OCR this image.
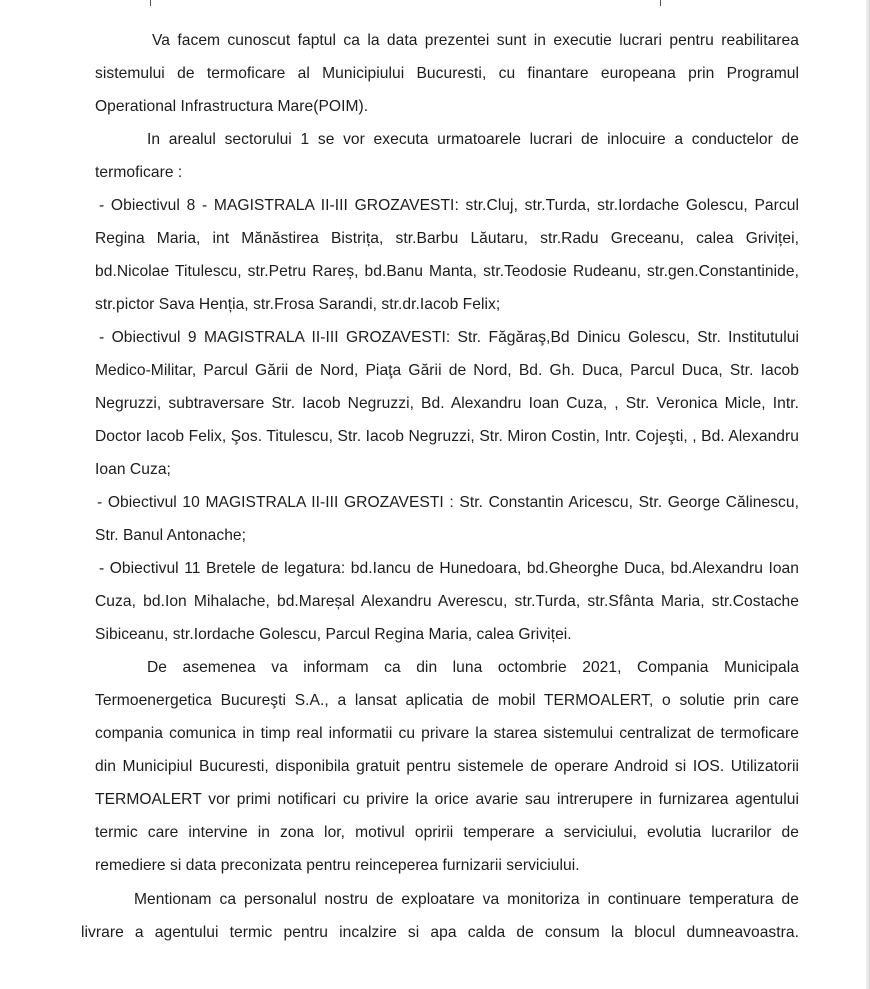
Va facem cunoscut faptul ca la data prezentei sunt in executie lucrari pentru reabilitarea sistemului de termoficare al Municipiului Bucuresti, cu finantare europeana prin Programul Operational Infrastructura Mare(POIM).

In arealul sectorului 1 se vor executa urmatoarele lucrari de inlocuire a conductelor de termoficare :

- Obiectivul 8 - MAGISTRALA II-III GROZAVESTI: str.Cluj, str.Turda, str.Iordache Golescu, Parcul Regina Maria, int Mănăstirea Bistrița, str.Barbu Lăutaru, str.Radu Greceanu, calea Griviței, bd.Nicolae Titulescu, str.Petru Rareș, bd.Banu Manta, str.Teodosie Rudeanu, str.gen.Constantinide, str.pictor Sava Henția, str.Frosa Sarandi, str.dr.Iacob Felix;

- Obiectivul 9 MAGISTRALA II-III GROZAVESTI: Str. Făgăraş,Bd Dinicu Golescu, Str. Institutului Medico-Militar, Parcul Gării de Nord, Piaţa Gării de Nord, Bd. Gh. Duca, Parcul Duca, Str. Iacob Negruzzi, subtraversare Str. Iacob Negruzzi, Bd. Alexandru Ioan Cuza, , Str. Veronica Micle, Intr. Doctor Iacob Felix, Şos. Titulescu, Str. Iacob Negruzzi, Str. Miron Costin, Intr. Cojeşti, , Bd. Alexandru Ioan Cuza;

- Obiectivul 10 MAGISTRALA II-III GROZAVESTI : Str. Constantin Aricescu, Str. George Călinescu, Str. Banul Antonache;

- Obiectivul 11 Bretele de legatura: bd.Iancu de Hunedoara, bd.Gheorghe Duca, bd.Alexandru Ioan Cuza, bd.Ion Mihalache, bd.Mareșal Alexandru Averescu, str.Turda, str.Sfânta Maria, str.Costache Sibiceanu, str.Iordache Golescu, Parcul Regina Maria, calea Griviței.

De asemenea va informam ca din luna octombrie 2021, Compania Municipala Termoenergetica Bucureşti S.A., a lansat aplicatia de mobil TERMOALERT, o solutie prin care compania comunica in timp real informatii cu privare la starea sistemului centralizat de termoficare din Municipiul Bucuresti, disponibila gratuit pentru sistemele de operare Android si IOS. Utilizatorii TERMOALERT vor primi notificari cu privire la orice avarie sau intrerupere in furnizarea agentului termic care intervine in zona lor, motivul opririi temperare a serviciului, evolutia lucrarilor de remediere si data preconizata pentru reinceperea furnizarii serviciului.

Mentionam ca personalul nostru de exploatare va monitoriza in continuare temperatura de livrare a agentului termic pentru incalzire si apa calda de consum la blocul dumneavoastra.
